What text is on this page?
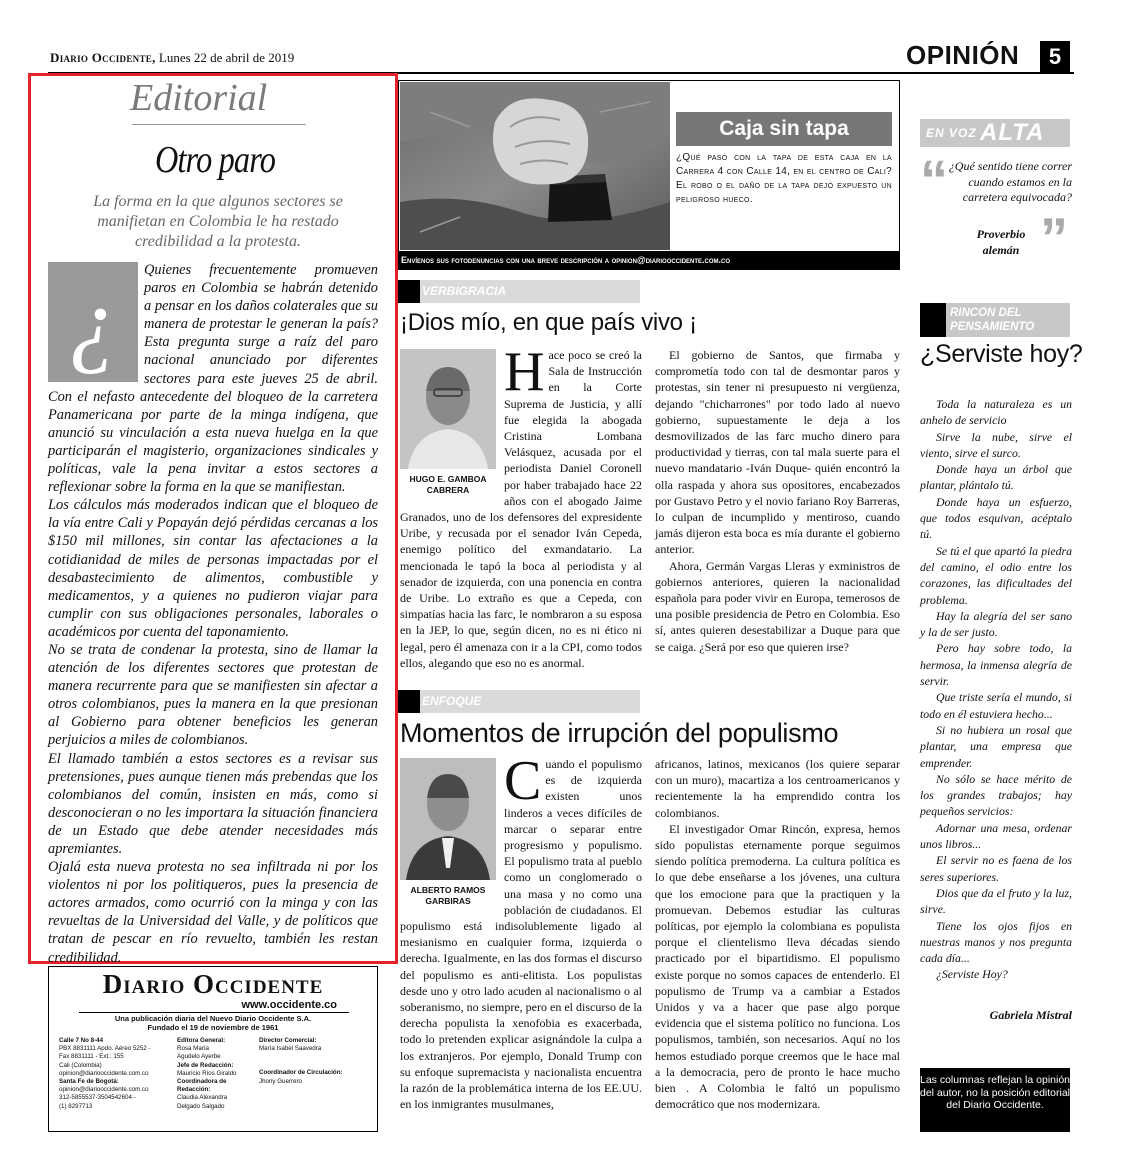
Diario Occidente, Lunes 22 de abril de 2019	OPINIÓN	5
Editorial
Otro paro
La forma en la que algunos sectores se manifietan en Colombia le ha restado credibilidad a la protesta.
¿	Quienes frecuentemente promueven paros en Colombia se habrán detenido a pensar en los daños colaterales que su manera de protestar le generan la país? Esta pregunta surge a raíz del paro nacional anunciado por diferentes sectores para este jueves 25 de abril. Con el nefasto antecedente del bloqueo de la carretera Panamericana por parte de la minga indígena, que anunció su vinculación a esta nueva huelga en la que participarán el magisterio, organizaciones sindicales y políticas, vale la pena invitar a estos sectores a reflexionar sobre la forma en la que se manifiestan.

Los cálculos más moderados indican que el bloqueo de la vía entre Cali y Popayán dejó pérdidas cercanas a los $150 mil millones, sin contar las afectaciones a la cotidianidad de miles de personas impactadas por el desabastecimiento de alimentos, combustible y medicamentos, y a quienes no pudieron viajar para cumplir con sus obligaciones personales, laborales o académicos por cuenta del taponamiento.

No se trata de condenar la protesta, sino de llamar la atención de los diferentes sectores que protestan de manera recurrente para que se manifiesten sin afectar a otros colombianos, pues la manera en la que presionan al Gobierno para obtener beneficios les generan perjuicios a miles de colombianos.

El llamado también a estos sectores es a revisar sus pretensiones, pues aunque tienen más prebendas que los colombianos del común, insisten en más, como si desconocieran o no les importara la situación financiera de un Estado que debe atender necesidades más apremiantes.

Ojalá esta nueva protesta no sea infiltrada ni por los violentos ni por los politiqueros, pues la presencia de actores armados, como ocurrió con la minga y con las revueltas de la Universidad del Valle, y de políticos que tratan de pescar en río revuelto, también les restan credibilidad.

Diario Occidente
www.occidente.co
Una publicación diaria del Nuevo Diario Occidente S.A.
Fundado el 19 de noviembre de 1961
Calle 7 No 8-44
PBX 8831111 Apdo. Aéreo 5252 -
Fax 8831111 - Ext.: 155
Cali (Colombia)
opinion@diariooccidente.com.co
Santa Fe de Bogotá:
opinion@diariooccidente.com.co
312-5855537-3504542604 -
(1) 8297713
Editora General:
Rosa María
Agudelo Ayerbe
Jefe de Redacción:
Mauricio Ríos Giraldo
Coordinadora de Redacción:
Claudia Alexandra
Delgado Salgado
Director Comercial:
María Isabel Saavedra
Coordinador de Circulación:
Jhony Guerrero
Caja sin tapa
¿Qué pasó con la tapa de esta caja en la Carrera 4 con Calle 14, en el centro de Cali? El robo o el daño de la tapa dejó expuesto un peligroso hueco.
Envíenos sus fotodenuncias con una breve descripción a opinion@diariooccidente.com.co
VERBIGRACIA
¡Dios mío, en que país vivo ¡
HUGO E. GAMBOA CABRERA
Hace poco se creó la Sala de Instrucción en la Corte Suprema de Justicia, y allí fue elegida la abogada Cristina Lombana Velásquez, acusada por el periodista Daniel Coronell por haber trabajado hace 22 años con el abogado Jaime Granados, uno de los defensores del expresidente Uribe, y recusada por el senador Iván Cepeda, enemigo político del exmandatario. La mencionada le tapó la boca al periodista y al senador de izquierda, con una ponencia en contra de Uribe. Lo extraño es que a Cepeda, con simpatías hacia las farc, le nombraron a su esposa en la JEP, lo que, según dicen, no es ni ético ni legal, pero él amenaza con ir a la CPI, como todos ellos, alegando que eso no es anormal.

El gobierno de Santos, que firmaba y comprometía todo con tal de desmontar paros y protestas, sin tener ni presupuesto ni vergüenza, dejando "chicharrones" por todo lado al nuevo gobierno, supuestamente le deja a los desmovilizados de las farc mucho dinero para productividad y tierras, con tal mala suerte para el nuevo mandatario -Iván Duque- quién encontró la olla raspada y ahora sus opositores, encabezados por Gustavo Petro y el novio fariano Roy Barreras, lo culpan de incumplido y mentiroso, cuando jamás dijeron esta boca es mía durante el gobierno anterior.

Ahora, Germán Vargas Lleras y exministros de gobiernos anteriores, quieren la nacionalidad española para poder vivir en Europa, temerosos de una posible presidencia de Petro en Colombia. Eso sí, antes quieren desestabilizar a Duque para que se caiga. ¿Será por eso que quieren irse?

ENFOQUE
Momentos de irrupción del populismo
ALBERTO RAMOS GARBIRAS
Cuando el populismo es de izquierda existen unos linderos a veces difíciles de marcar o separar entre progresismo y populismo. El populismo trata al pueblo como un conglomerado o una masa y no como una población de ciudadanos. El populismo está indisolublemente ligado al mesianismo en cualquier forma, izquierda o derecha. Igualmente, en las dos formas el discurso del populismo es anti-elitista. Los populistas desde uno y otro lado acuden al nacionalismo o al soberanismo, no siempre, pero en el discurso de la derecha populista la xenofobia es exacerbada, todo lo pretenden explicar asignándole la culpa a los extranjeros. Por ejemplo, Donald Trump con su enfoque supremacista y nacionalista encuentra la razón de la problemática interna de los EE.UU. en los inmigrantes musulmanes,

africanos, latinos, mexicanos (los quiere separar con un muro), macartiza a los centroamericanos y recientemente la ha emprendido contra los colombianos.

El investigador Omar Rincón, expresa, hemos sido populistas eternamente porque seguimos siendo política premoderna. La cultura política es lo que debe enseñarse a los jóvenes, una cultura que los emocione para que la practiquen y la promuevan. Debemos estudiar las culturas políticas, por ejemplo la colombiana es populista porque el clientelismo lleva décadas siendo practicado por el bipartidismo. El populismo existe porque no somos capaces de entenderlo. El populismo de Trump va a cambiar a Estados Unidos y va a hacer que pase algo porque evidencia que el sistema político no funciona. Los populismos, también, son necesarios. Aquí no los hemos estudiado porque creemos que le hace mal a la democracia, pero de pronto le hace mucho bien . A Colombia le faltó un populismo democrático que nos modernizara.

EN VOZ ALTA
“
”
¿Qué sentido tiene correr cuando estamos en la carretera equivocada?
Proverbio alemán
RINCON DEL PENSAMIENTO
¿Serviste hoy?

Toda la naturaleza es un anhelo de servicio

Sirve la nube, sirve el viento, sirve el surco.

Donde haya un árbol que plantar, plántalo tú.

Donde haya un esfuerzo, que todos esquivan, acéptalo tú.

Se tú el que apartó la piedra del camino, el odio entre los corazones, las dificultades del problema.

Hay la alegría del ser sano y la de ser justo.

Pero hay sobre todo, la hermosa, la inmensa alegría de servir.

Que triste sería el mundo, si todo en él estuviera hecho...

Si no hubiera un rosal que plantar, una empresa que emprender.

No sólo se hace mérito de los grandes trabajos; hay pequeños servicios:

Adornar una mesa, ordenar unos libros...

El servir no es faena de los seres superiores.

Dios que da el fruto y la luz, sirve.

Tiene los ojos fijos en nuestras manos y nos pregunta cada día...

¿Serviste Hoy?

Gabriela Mistral
Las columnas reflejan la opinión del autor, no la posición editorial del Diario Occidente.
